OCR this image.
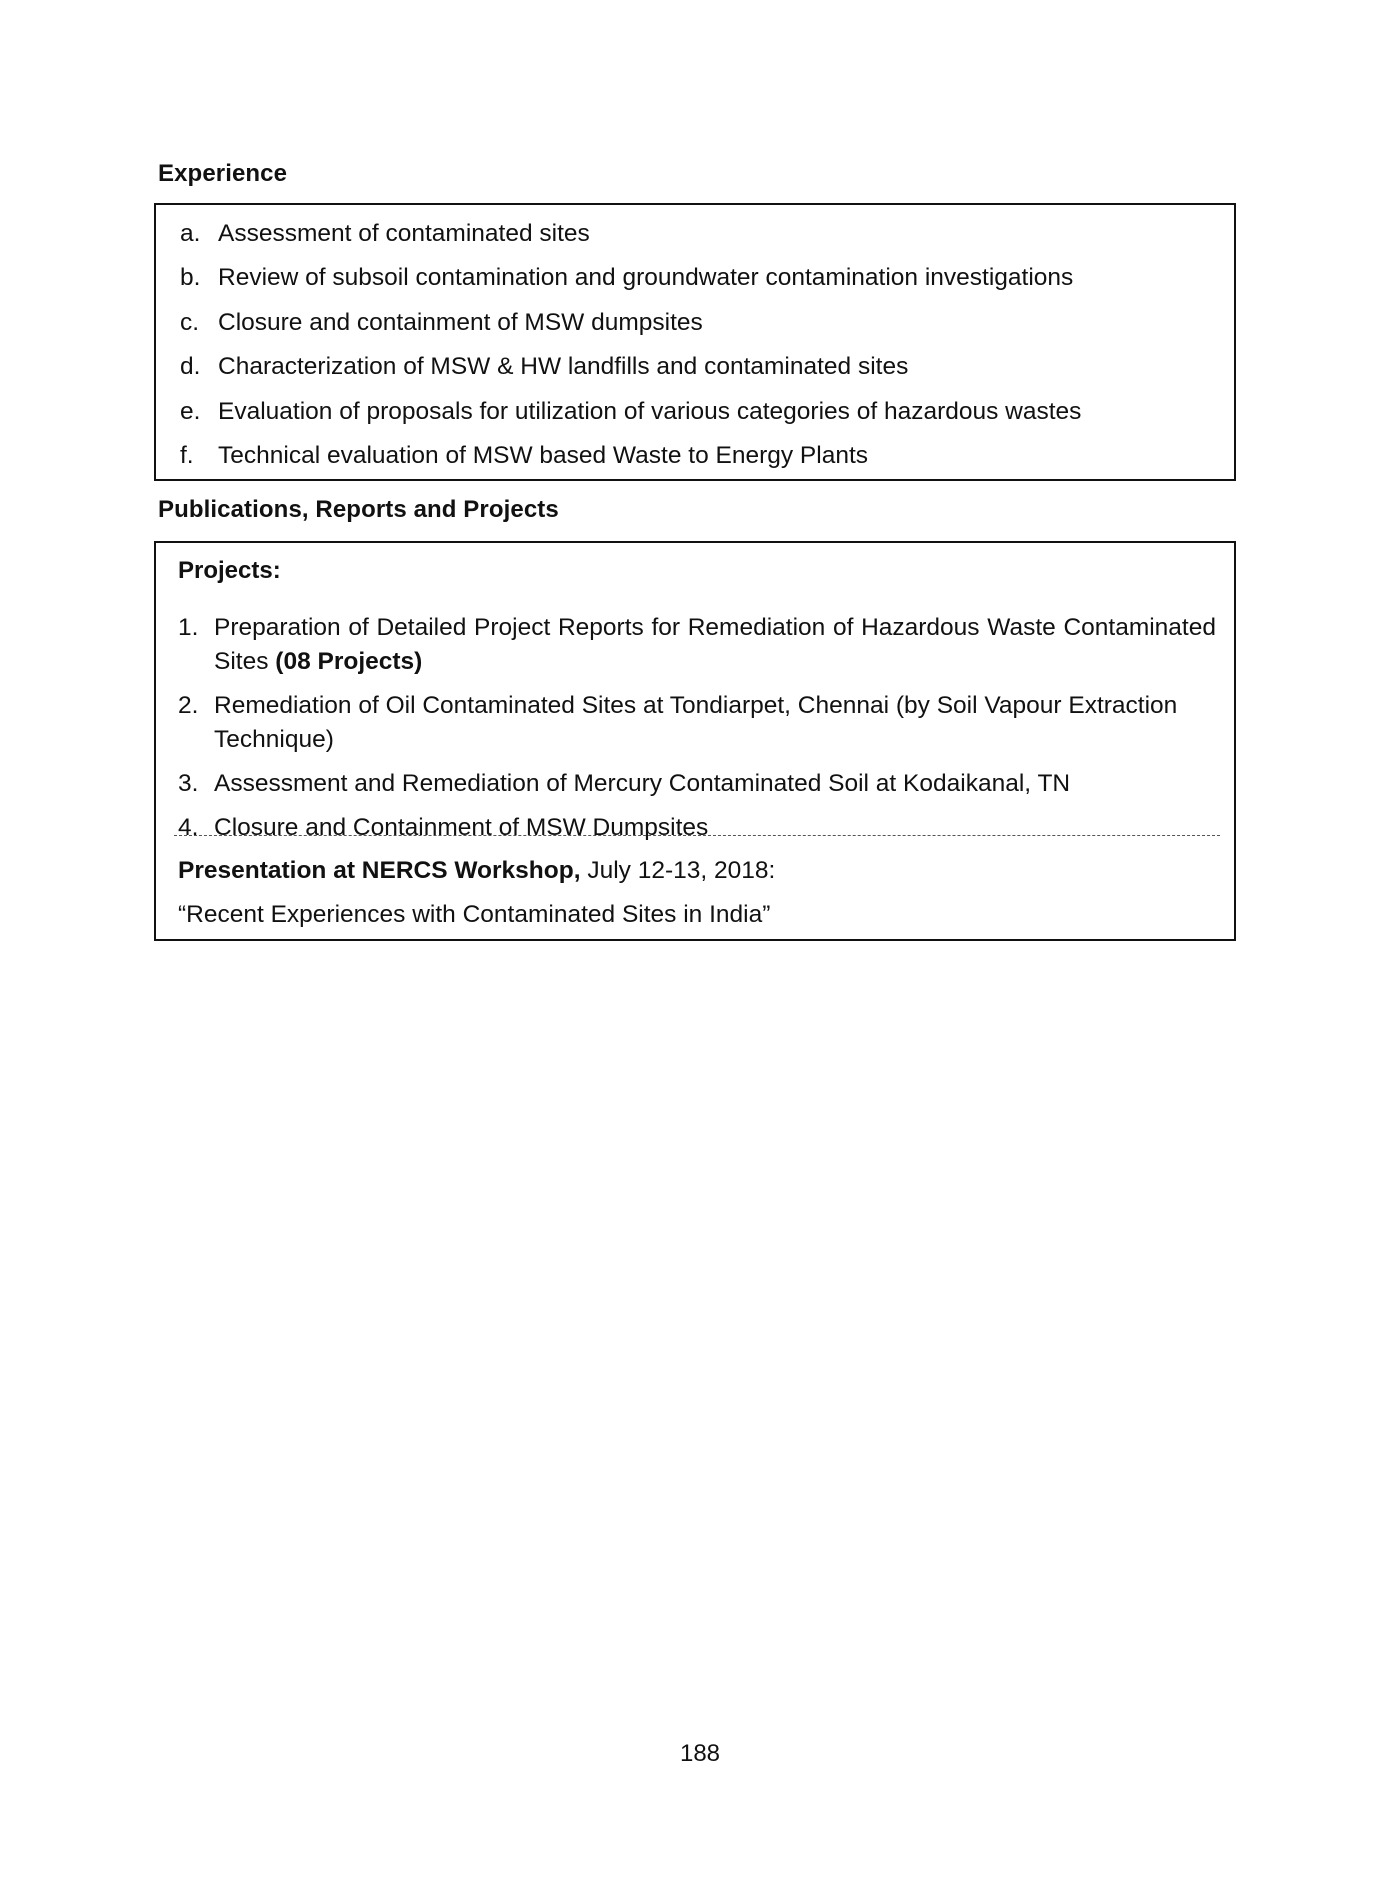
Experience
a. Assessment of contaminated sites
b. Review of subsoil contamination and groundwater contamination investigations
c. Closure and containment of MSW dumpsites
d. Characterization of MSW & HW landfills and contaminated sites
e. Evaluation of proposals for utilization of various categories of hazardous wastes
f. Technical evaluation of MSW based Waste to Energy Plants
Publications, Reports and Projects
Projects:
1. Preparation of Detailed Project Reports for Remediation of Hazardous Waste Contaminated Sites (08 Projects)
2. Remediation of Oil Contaminated Sites at Tondiarpet, Chennai (by Soil Vapour Extraction Technique)
3. Assessment and Remediation of Mercury Contaminated Soil at Kodaikanal, TN
4. Closure and Containment of MSW Dumpsites
Presentation at NERCS Workshop, July 12-13, 2018:
“Recent Experiences with Contaminated Sites in India”
188
